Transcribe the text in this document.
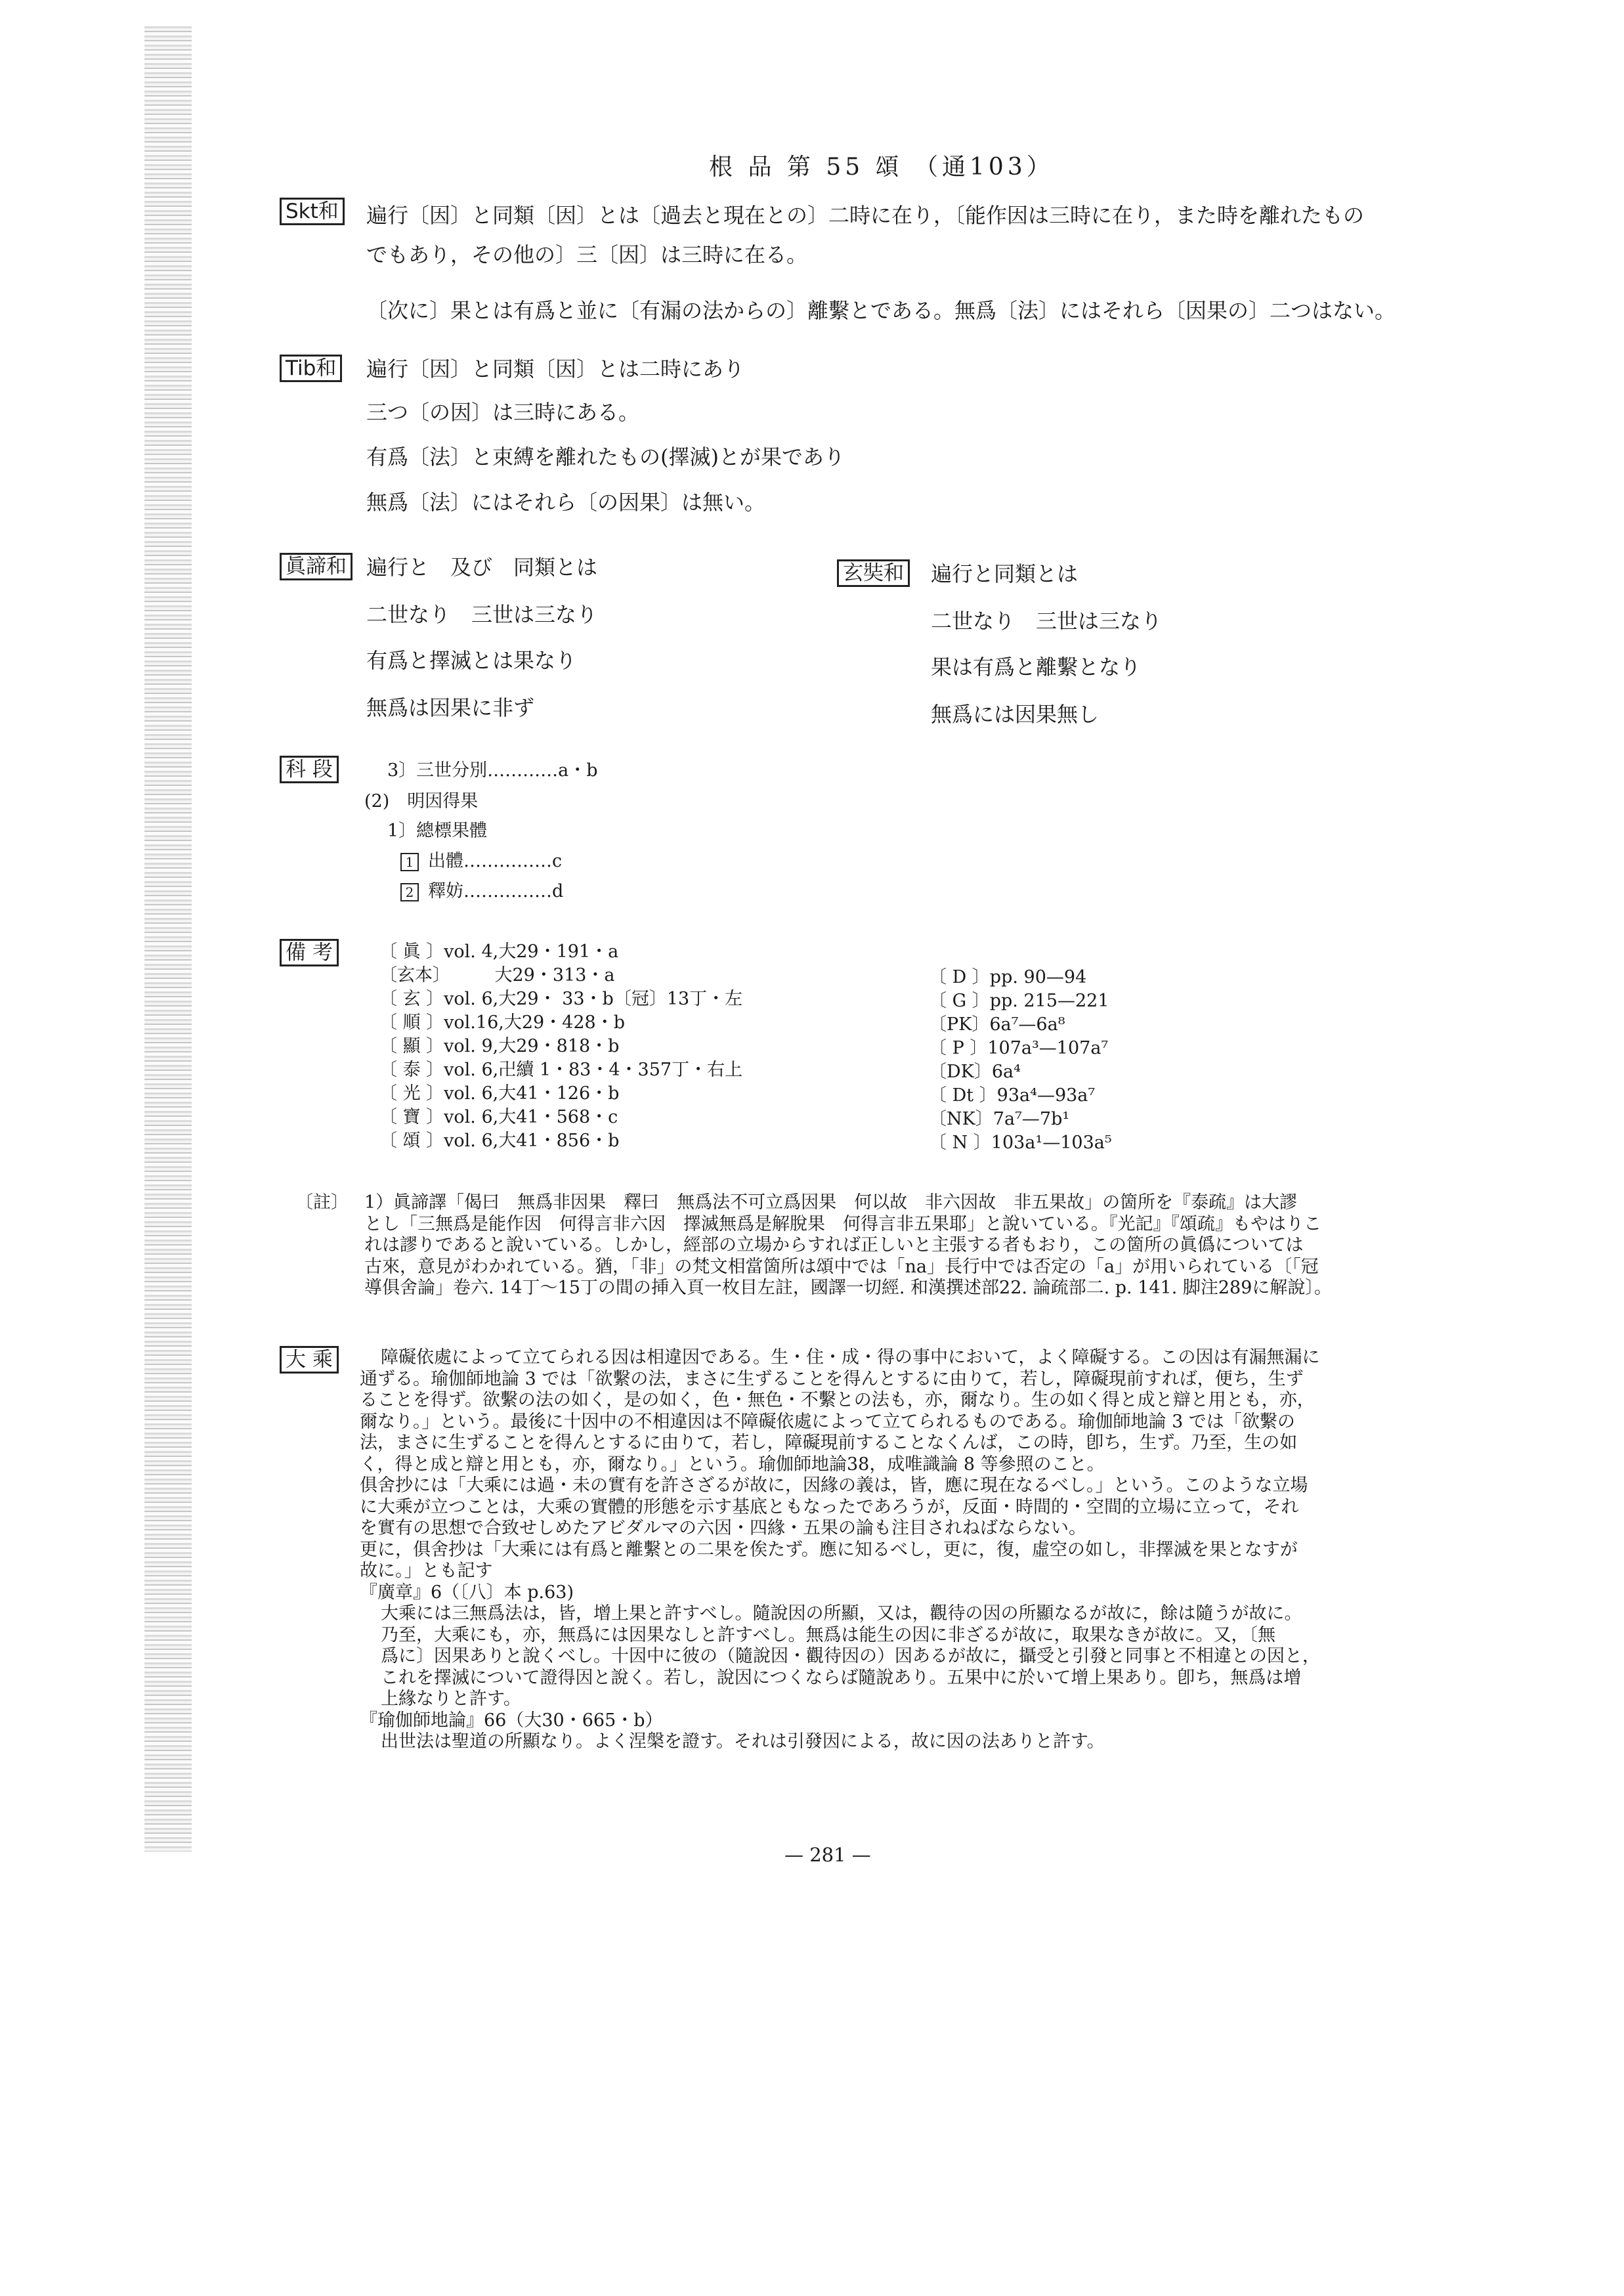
根 品 第 55 頌 （通103）
Skt和 遍行〔因〕と同類〔因〕とは〔過去と現在との〕二時に在り，〔能作因は三時に在り，また時を離れたもの
でもあり，その他の〕三〔因〕は三時に在る。
〔次に〕果とは有爲と並に〔有漏の法からの〕離繫とである。無爲〔法〕にはそれら〔因果の〕二つはない。
Tib和 遍行〔因〕と同類〔因〕とは二時にあり
三つ〔の因〕は三時にある。
有爲〔法〕と束縛を離れたもの(擇滅)とが果であり
無爲〔法〕にはそれら〔の因果〕は無い。
眞諦和 遍行と　及び　同類とは
二世なり　三世は三なり
有爲と擇滅とは果なり
無爲は因果に非ず
玄奘和 遍行と同類とは
二世なり　三世は三なり
果は有爲と離繫となり
無爲には因果無し
科 段	3〕三世分別…………a・b
(2)　明因得果
1〕總標果體
1 出體……………c
2 釋妨……………d
備 考	〔 眞 〕vol. 4,大29・191・a
〔玄本〕　　　大29・313・a
〔 玄 〕vol. 6,大29・ 33・b〔冠〕13丁・左
〔 順 〕vol.16,大29・428・b
〔 顯 〕vol. 9,大29・818・b
〔 泰 〕vol. 6,卍續 1・83・4・357丁・右上
〔 光 〕vol. 6,大41・126・b
〔 寶 〕vol. 6,大41・568・c
〔 頌 〕vol. 6,大41・856・b
〔 D 〕pp. 90—94
〔 G 〕pp. 215—221
〔PK〕6a⁷—6a⁸
〔 P 〕107a³—107a⁷
〔DK〕6a⁴
〔 Dt 〕93a⁴—93a⁷
〔NK〕7a⁷—7b¹
〔 N 〕103a¹—103a⁵
〔註〕 1）眞諦譯「偈曰　無爲非因果　釋曰　無爲法不可立爲因果　何以故　非六因故　非五果故」の箇所を『泰疏』は大謬
とし「三無爲是能作因　何得言非六因　擇滅無爲是解脫果　何得言非五果耶」と說いている。『光記』『頌疏』もやはりこ
れは謬りであると說いている。しかし，經部の立場からすれば正しいと主張する者もおり，この箇所の眞僞については
古來，意見がわかれている。猶，「非」の梵文相當箇所は頌中では「na」長行中では否定の「a」が用いられている〔「冠
導俱舍論」卷六. 14丁～15丁の間の挿入頁一枚目左註，國譯一切經. 和漢撰述部22. 論疏部二. p. 141. 脚注289に解說〕。
大 乘	障礙依處によって立てられる因は相違因である。生・住・成・得の事中において，よく障礙する。この因は有漏無漏に
通ずる。瑜伽師地論 3 では「欲繫の法，まさに生ずることを得んとするに由りて，若し，障礙現前すれば，便ち，生ず
ることを得ず。欲繫の法の如く，是の如く，色・無色・不繫との法も，亦，爾なり。生の如く得と成と辯と用とも，亦，
爾なり。」という。最後に十因中の不相違因は不障礙依處によって立てられるものである。瑜伽師地論 3 では「欲繫の
法，まさに生ずることを得んとするに由りて，若し，障礙現前することなくんば，この時，卽ち，生ず。乃至，生の如
く，得と成と辯と用とも，亦，爾なり。」という。瑜伽師地論38，成唯識論 8 等參照のこと。
俱舍抄には「大乘には過・未の實有を許さざるが故に，因緣の義は，皆，應に現在なるべし。」という。このような立場
に大乘が立つことは，大乘の實體的形態を示す基底ともなったであろうが，反面・時間的・空間的立場に立って，それ
を實有の思想で合致せしめたアビダルマの六因・四緣・五果の論も注目されねばならない。
更に，俱舍抄は「大乘には有爲と離繫との二果を俟たず。應に知るべし，更に，復，虛空の如し，非擇滅を果となすが
故に。」とも記す
『廣章』6（〔八〕本 p.63)
大乘には三無爲法は，皆，增上果と許すべし。隨說因の所顯，又は，觀待の因の所顯なるが故に，餘は隨うが故に。
乃至，大乘にも，亦，無爲には因果なしと許すべし。無爲は能生の因に非ざるが故に，取果なきが故に。又，〔無
爲に〕因果ありと說くべし。十因中に彼の（隨說因・觀待因の）因あるが故に，攝受と引發と同事と不相違との因と，
これを擇滅について證得因と說く。若し，說因につくならば隨說あり。五果中に於いて增上果あり。卽ち，無爲は增
上緣なりと許す。
『瑜伽師地論』66（大30・665・b）
出世法は聖道の所顯なり。よく涅槃を證す。それは引發因による，故に因の法ありと許す。
— 281 —
